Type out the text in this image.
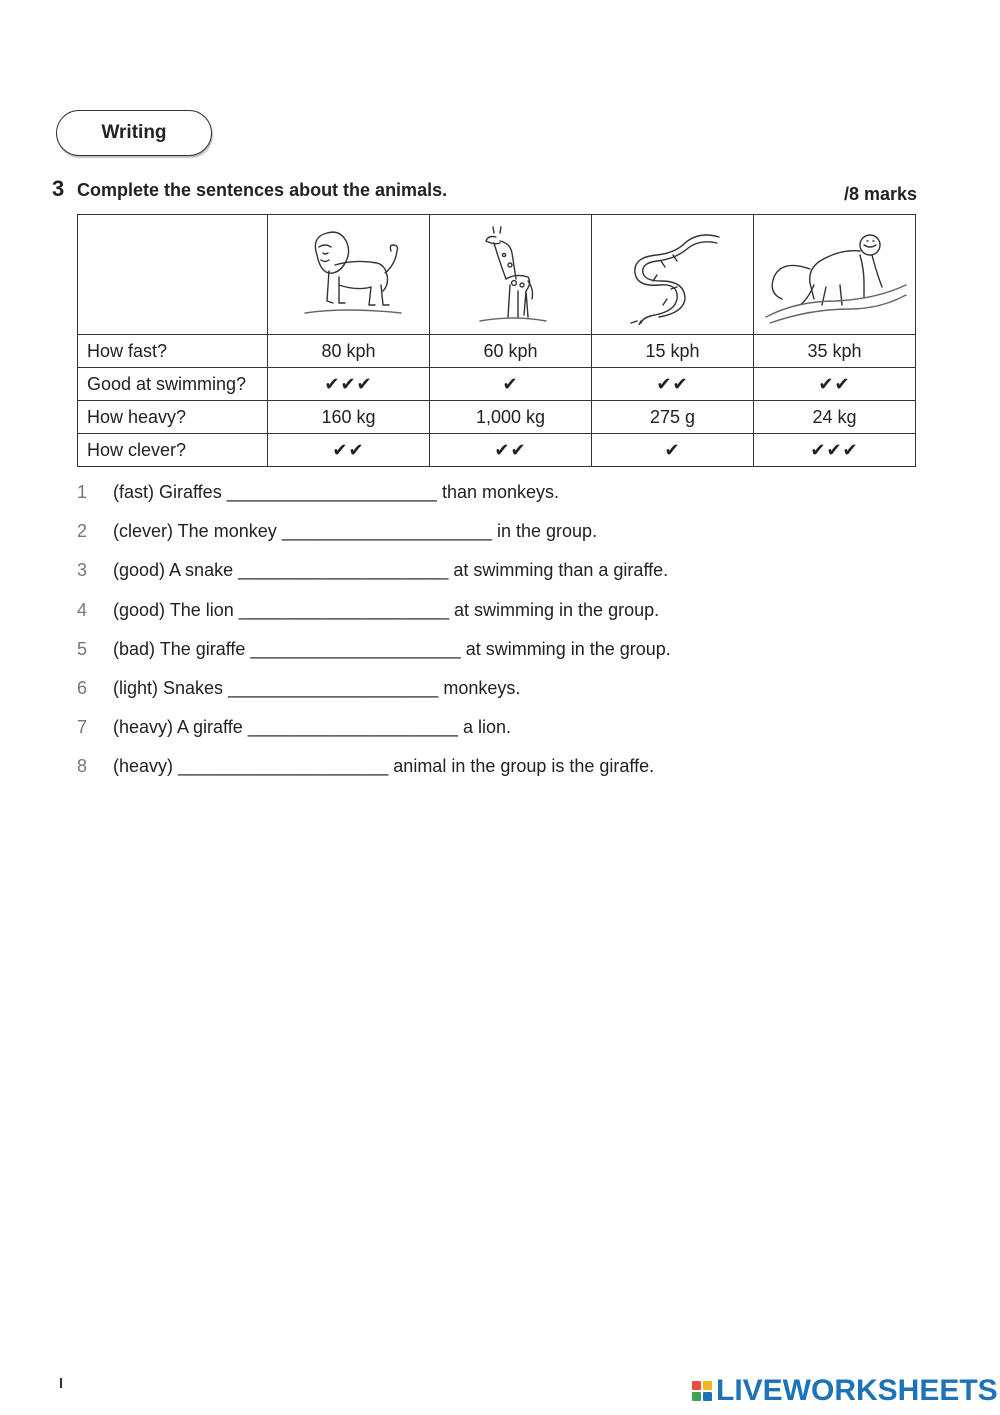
Writing
3 Complete the sentences about the animals.	/8 marks

How fast?	80 kph	60 kph	15 kph	35 kph
Good at swimming?	✔✔✔	✔	✔✔	✔✔
How heavy?	160 kg	1,000 kg	275 g	24 kg
How clever?	✔✔	✔✔	✔	✔✔✔
1	(fast) Giraffes
_____________________
than monkeys.
2	(clever) The monkey
_____________________
in the group.
3	(good) A snake
_____________________
at swimming than a giraffe.
4	(good) The lion
_____________________
at swimming in the group.
5	(bad) The giraffe
_____________________
at swimming in the group.
6	(light) Snakes
_____________________
monkeys.
7	(heavy) A giraffe
_____________________
a lion.
8	(heavy)
_____________________
animal in the group is the giraffe.
LIVEWORKSHEETS
